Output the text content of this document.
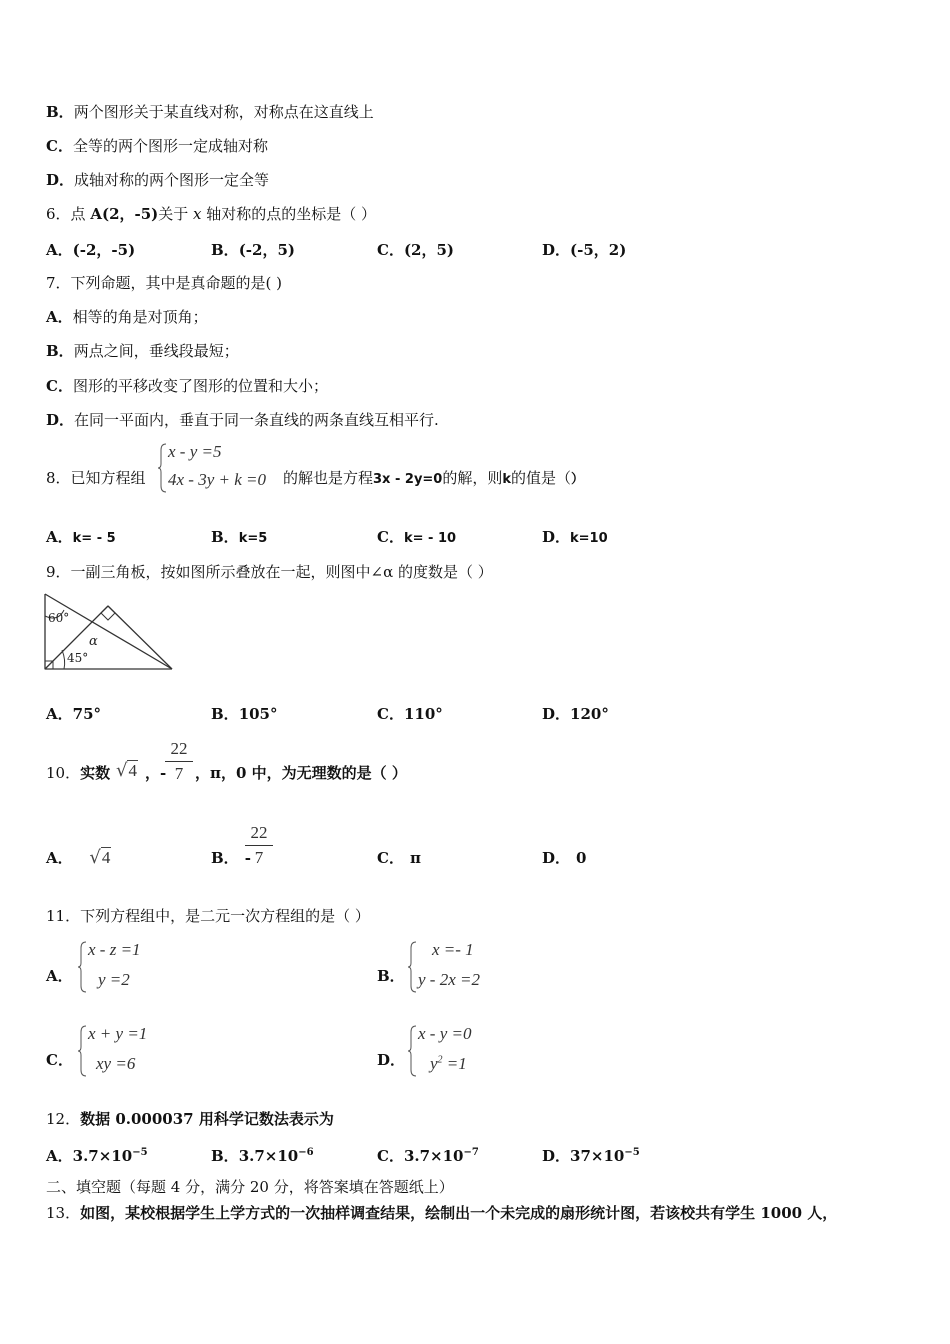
B．两个图形关于某直线对称，对称点在这直线上
C．全等的两个图形一定成轴对称
D．成轴对称的两个图形一定全等
6．点 A(2，-5)关于 x 轴对称的点的坐标是（ ）
A．(-2，-5)	B．(-2，5)	C．(2，5)	D．(-5，2)
7．下列命题，其中是真命题的是( )
A．相等的角是对顶角；
B．两点之间，垂线段最短；
C．图形的平移改变了图形的位置和大小；
D．在同一平面内，垂直于同一条直线的两条直线互相平行.
8．已知方程组
x - y =5
4x - 3y + k =0 的解也是方程3x - 2y=0的解，则k的值是（）
A．k= - 5	B．k=5	C．k= - 10	D．k=10
9．一副三角板，按如图所示叠放在一起，则图中∠α 的度数是（ ）
60°
45°
α
A．75°	B．105°	C．110°	D．120°
10．实数 √4 ，-
22
7 ，π，0 中，为无理数的是（ ）
A． √4	B． -
22
7	C． π	D． 0
11．下列方程组中，是二元一次方程组的是（ ）
A．
x - z =1
y =2	B．
x =- 1
y - 2x =2
C．
x + y =1
xy =6	D．
x - y =0
$y^2 =1$
12．数据 0.000037 用科学记数法表示为
A．$3.7\times 10^{-5}$	B．$3.7\times 10^{-6}$	C．$3.7\times 10^{-7}$	D．$37\times 10^{-5}$
二、填空题（每题 4 分，满分 20 分，将答案填在答题纸上）
13．如图，某校根据学生上学方式的一次抽样调查结果，绘制出一个未完成的扇形统计图，若该校共有学生 1000 人，
